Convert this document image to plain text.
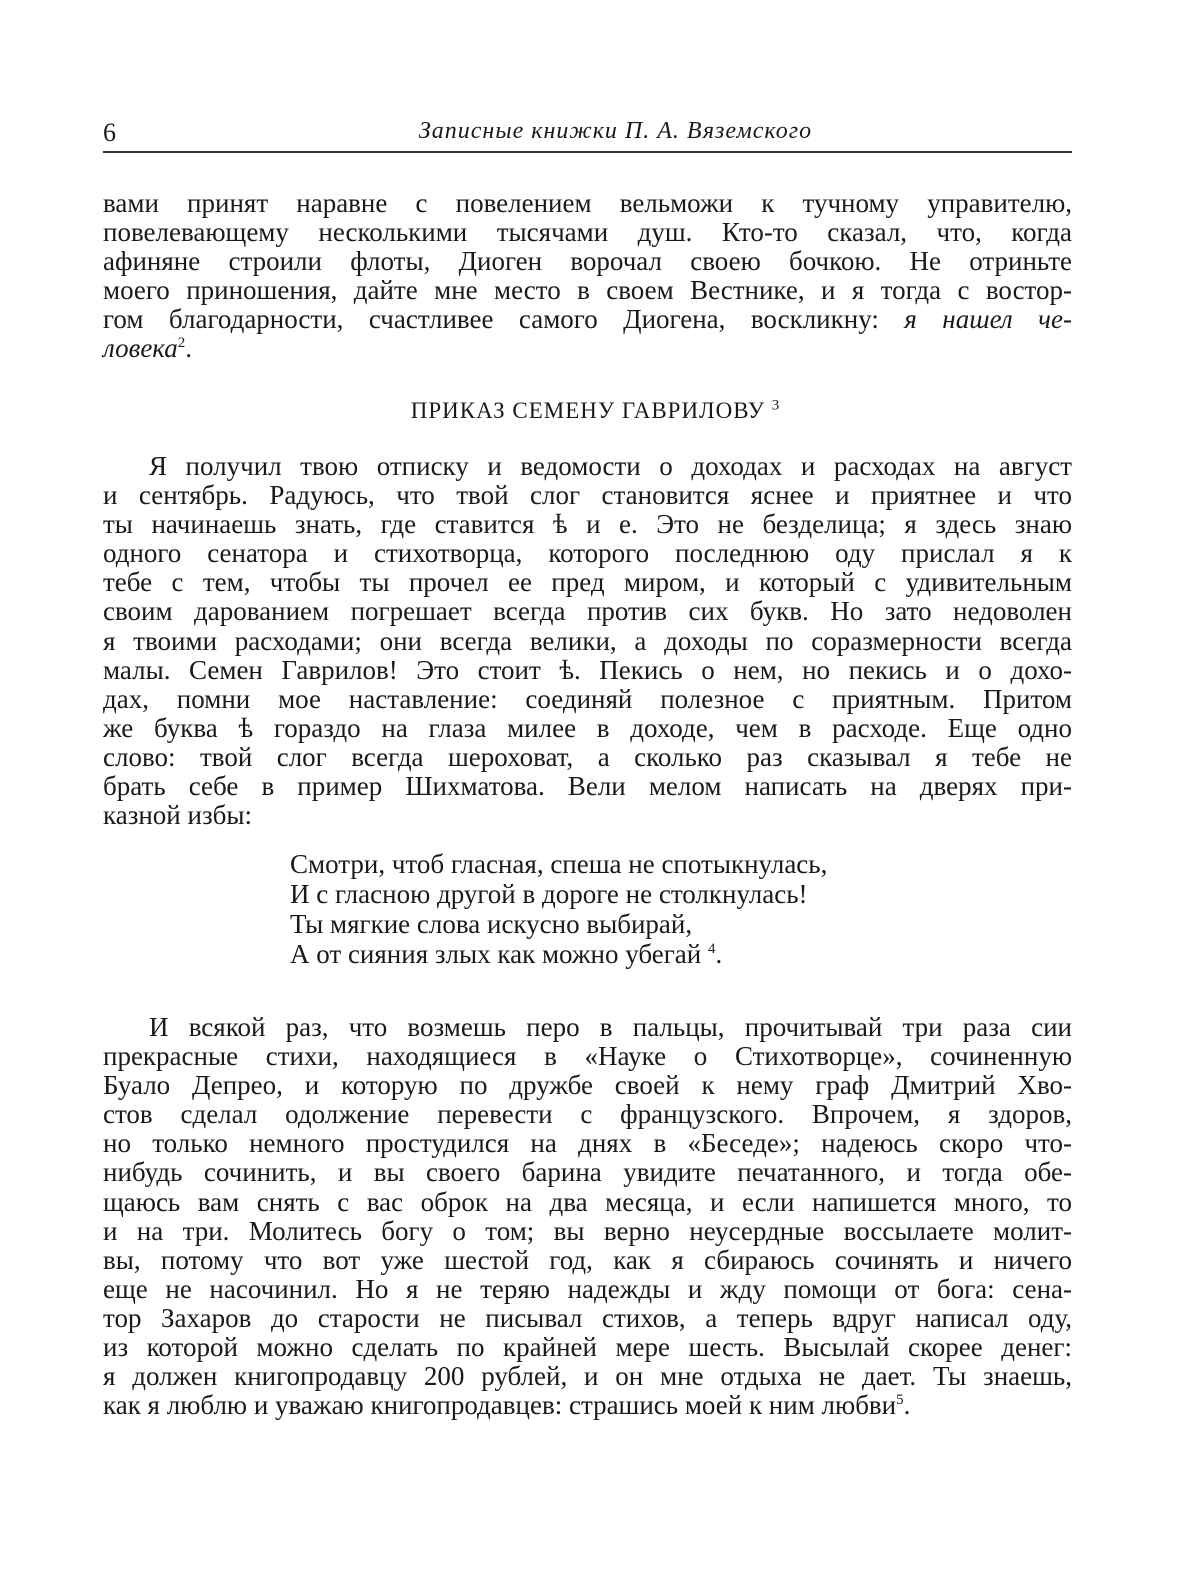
6	Записные книжки П. А. Вяземского
вами принят наравне с повелением вельможи к тучному управителю,
повелевающему несколькими тысячами душ. Кто-то сказал, что, когда
афиняне строили флоты, Диоген ворочал своею бочкою. Не отриньте
моего приношения, дайте мне место в своем Вестнике, и я тогда с востор-
гом благодарности, счастливее самого Диогена, воскликну: я нашел че-
ловека$^2$.
ПРИКАЗ СЕМЕНУ ГАВРИЛОВУ $^3$
Я получил твою отписку и ведомости о доходах и расходах на август
и сентябрь. Радуюсь, что твой слог становится яснее и приятнее и что
ты начинаешь знать, где ставится ѣ и е. Это не безделица; я здесь знаю
одного сенатора и стихотворца, которого последнюю оду прислал я к
тебе с тем, чтобы ты прочел ее пред миром, и который с удивительным
своим дарованием погрешает всегда против сих букв. Но зато недоволен
я твоими расходами; они всегда велики, а доходы по соразмерности всегда
малы. Семен Гаврилов! Это стоит ѣ. Пекись о нем, но пекись и о дохо-
дах, помни мое наставление: соединяй полезное с приятным. Притом
же буква ѣ гораздо на глаза милее в доходе, чем в расходе. Еще одно
слово: твой слог всегда шероховат, а сколько раз сказывал я тебе не
брать себе в пример Шихматова. Вели мелом написать на дверях при-
казной избы:
Смотри, чтоб гласная, спеша не спотыкнулась,
И с гласною другой в дороге не столкнулась!
Ты мягкие слова искусно выбирай,
А от сияния злых как можно убегай $^4$.
И всякой раз, что возмешь перо в пальцы, прочитывай три раза сии
прекрасные стихи, находящиеся в «Науке о Стихотворце», сочиненную
Буало Депрео, и которую по дружбе своей к нему граф Дмитрий Хво-
стов сделал одолжение перевести с французского. Впрочем, я здоров,
но только немного простудился на днях в «Беседе»; надеюсь скоро что-
нибудь сочинить, и вы своего барина увидите печатанного, и тогда обе-
щаюсь вам снять с вас оброк на два месяца, и если напишется много, то
и на три. Молитесь богу о том; вы верно неусердные воссылаете молит-
вы, потому что вот уже шестой год, как я сбираюсь сочинять и ничего
еще не насочинил. Но я не теряю надежды и жду помощи от бога: сена-
тор Захаров до старости не писывал стихов, а теперь вдруг написал оду,
из которой можно сделать по крайней мере шесть. Высылай скорее денег:
я должен книгопродавцу 200 рублей, и он мне отдыха не дает. Ты знаешь,
как я люблю и уважаю книгопродавцев: страшись моей к ним любви$^5$.
